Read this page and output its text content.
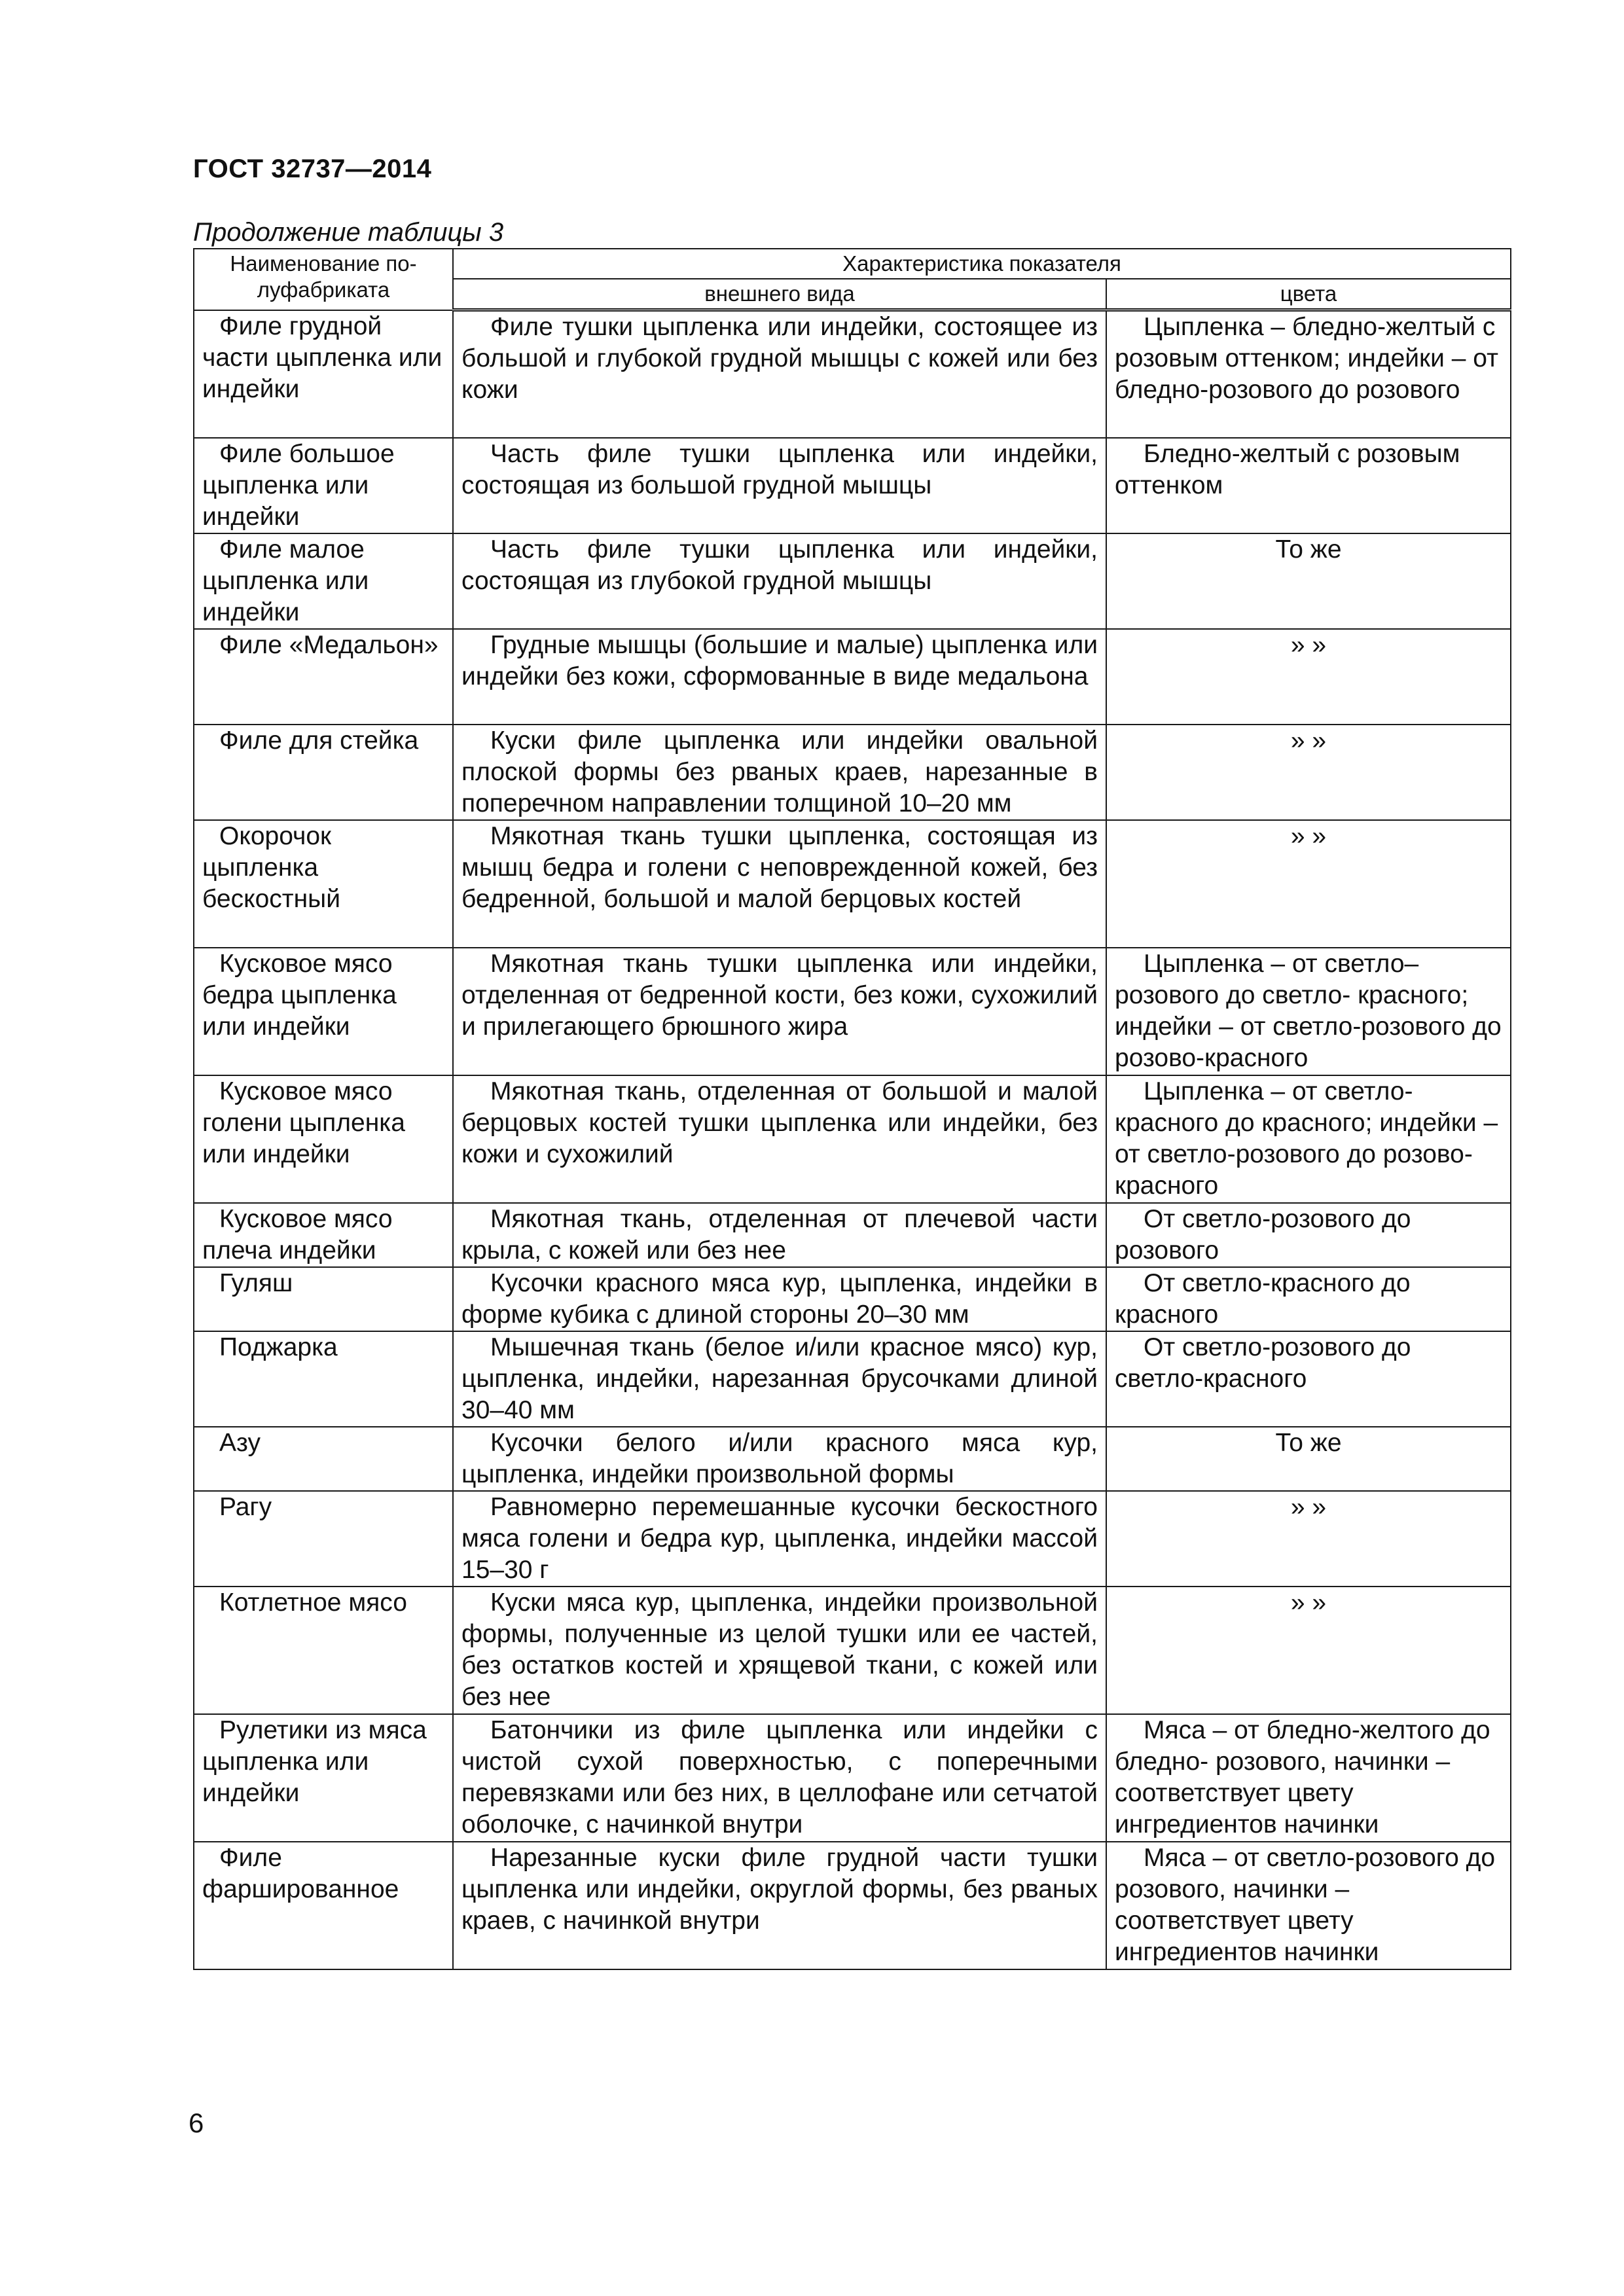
ГОСТ 32737—2014
Продолжение таблицы 3
Наименование по-
луфабриката	Характеристика показателя	
	внешнего вида	цвета
Филе грудной части цыпленка или индейки	Филе тушки цыпленка или индейки, состоящее из большой и глубокой грудной мышцы с кожей или без кожи	Цыпленка – бледно-желтый с розовым оттенком; индейки – от бледно-розового до розового
Филе большое цыпленка или индейки	Часть филе тушки цыпленка или индейки, состоящая из большой грудной мышцы	Бледно-желтый с розовым оттенком
Филе малое цыпленка или индейки	Часть филе тушки цыпленка или индейки, состоящая из глубокой грудной мышцы	То же
Филе «Медальон»	Грудные мышцы (большие и малые) цыпленка или индейки без кожи, сформованные в виде медальона	» »
Филе для стейка	Куски филе цыпленка или индейки овальной плоской формы без рваных краев, нарезанные в поперечном направлении толщиной 10–20 мм	» »
Окорочок цыпленка бескостный	Мякотная ткань тушки цыпленка, состоящая из мышц бедра и голени с неповрежденной кожей, без бедренной, большой и малой берцовых костей	» »
Кусковое мясо бедра цыпленка или индейки	Мякотная ткань тушки цыпленка или индейки, отделенная от бедренной кости, без кожи, сухожилий и прилегающего брюшного жира	Цыпленка – от светло–розового до светло- красного; индейки – от светло-розового до розово-красного
Кусковое мясо голени цыпленка или индейки	Мякотная ткань, отделенная от большой и малой берцовых костей тушки цыпленка или индейки, без кожи и сухожилий	Цыпленка – от светло-красного до красного; индейки – от светло-розового до розово-красного
Кусковое мясо плеча индейки	Мякотная ткань, отделенная от плечевой части крыла, с кожей или без нее	От светло-розового до розового
Гуляш	Кусочки красного мяса кур, цыпленка, индейки в форме кубика с длиной стороны 20–30 мм	От светло-красного до красного
Поджарка	Мышечная ткань (белое и/или красное мясо) кур, цыпленка, индейки, нарезанная брусочками длиной 30–40 мм	От светло-розового до светло-красного
Азу	Кусочки белого и/или красного мяса кур, цыпленка, индейки произвольной формы	То же
Рагу	Равномерно перемешанные кусочки бескостного мяса голени и бедра кур, цыпленка, индейки массой 15–30 г	» »
Котлетное мясо	Куски мяса кур, цыпленка, индейки произвольной формы, полученные из целой тушки или ее частей, без остатков костей и хрящевой ткани, с кожей или без нее	» »
Рулетики из мяса цыпленка или индейки	Батончики из филе цыпленка или индейки с чистой сухой поверхностью, с поперечными перевязками или без них, в целлофане или сетчатой оболочке, с начинкой внутри	Мяса – от бледно-желтого до бледно- розового, начинки – соответствует цвету ингредиентов начинки
Филе фаршированное	Нарезанные куски филе грудной части тушки цыпленка или индейки, округлой формы, без рваных краев, с начинкой внутри	Мяса – от светло-розового до розового, начинки – соответствует цвету ингредиентов начинки
6
